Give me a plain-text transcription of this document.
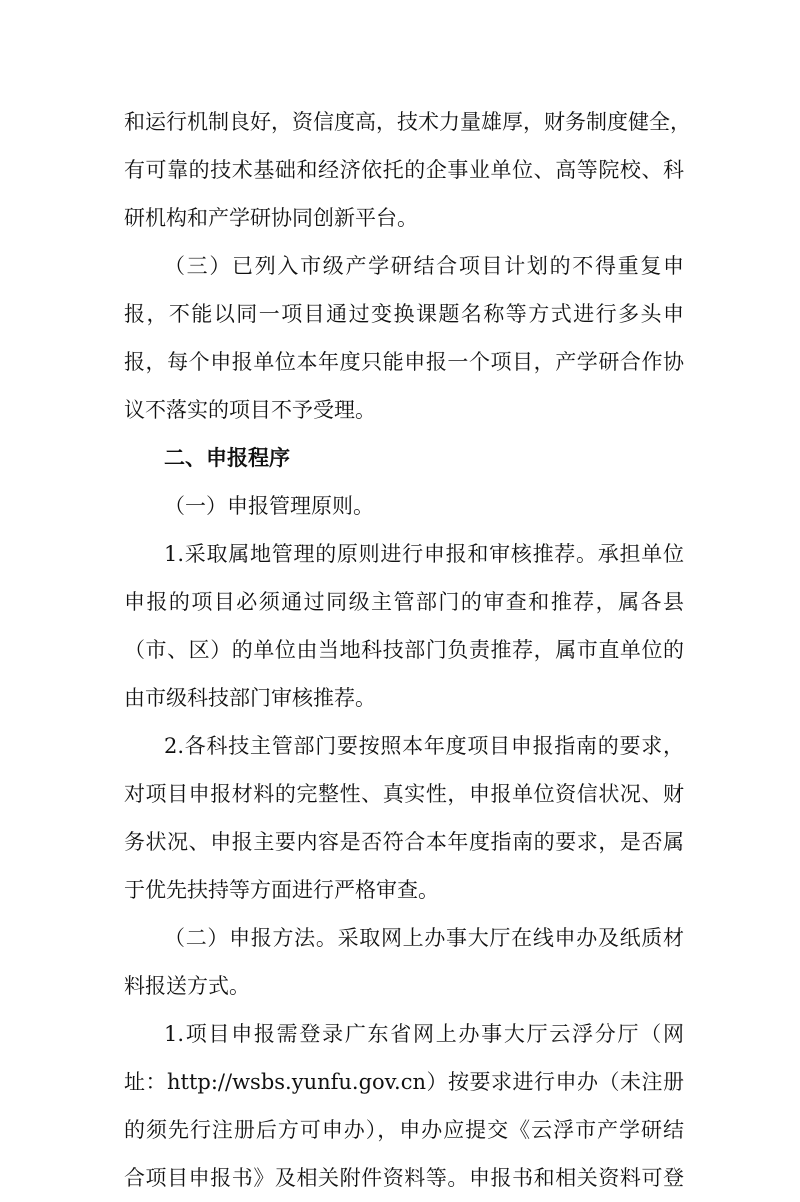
和运行机制良好，资信度高，技术力量雄厚，财务制度健全，
有可靠的技术基础和经济依托的企事业单位、高等院校、科
研机构和产学研协同创新平台。
（三）已列入市级产学研结合项目计划的不得重复申
报，不能以同一项目通过变换课题名称等方式进行多头申
报，每个申报单位本年度只能申报一个项目，产学研合作协
议不落实的项目不予受理。
二、申报程序
（一）申报管理原则。
1.采取属地管理的原则进行申报和审核推荐。承担单位
申报的项目必须通过同级主管部门的审查和推荐，属各县
（市、区）的单位由当地科技部门负责推荐，属市直单位的
由市级科技部门审核推荐。
2.各科技主管部门要按照本年度项目申报指南的要求，
对项目申报材料的完整性、真实性，申报单位资信状况、财
务状况、申报主要内容是否符合本年度指南的要求，是否属
于优先扶持等方面进行严格审查。
（二）申报方法。采取网上办事大厅在线申办及纸质材
料报送方式。
1.项目申报需登录广东省网上办事大厅云浮分厅（网
址：http://wsbs.yunfu.gov.cn）按要求进行申办（未注册
的须先行注册后方可申办），申办应提交《云浮市产学研结
合项目申报书》及相关附件资料等。申报书和相关资料可登
